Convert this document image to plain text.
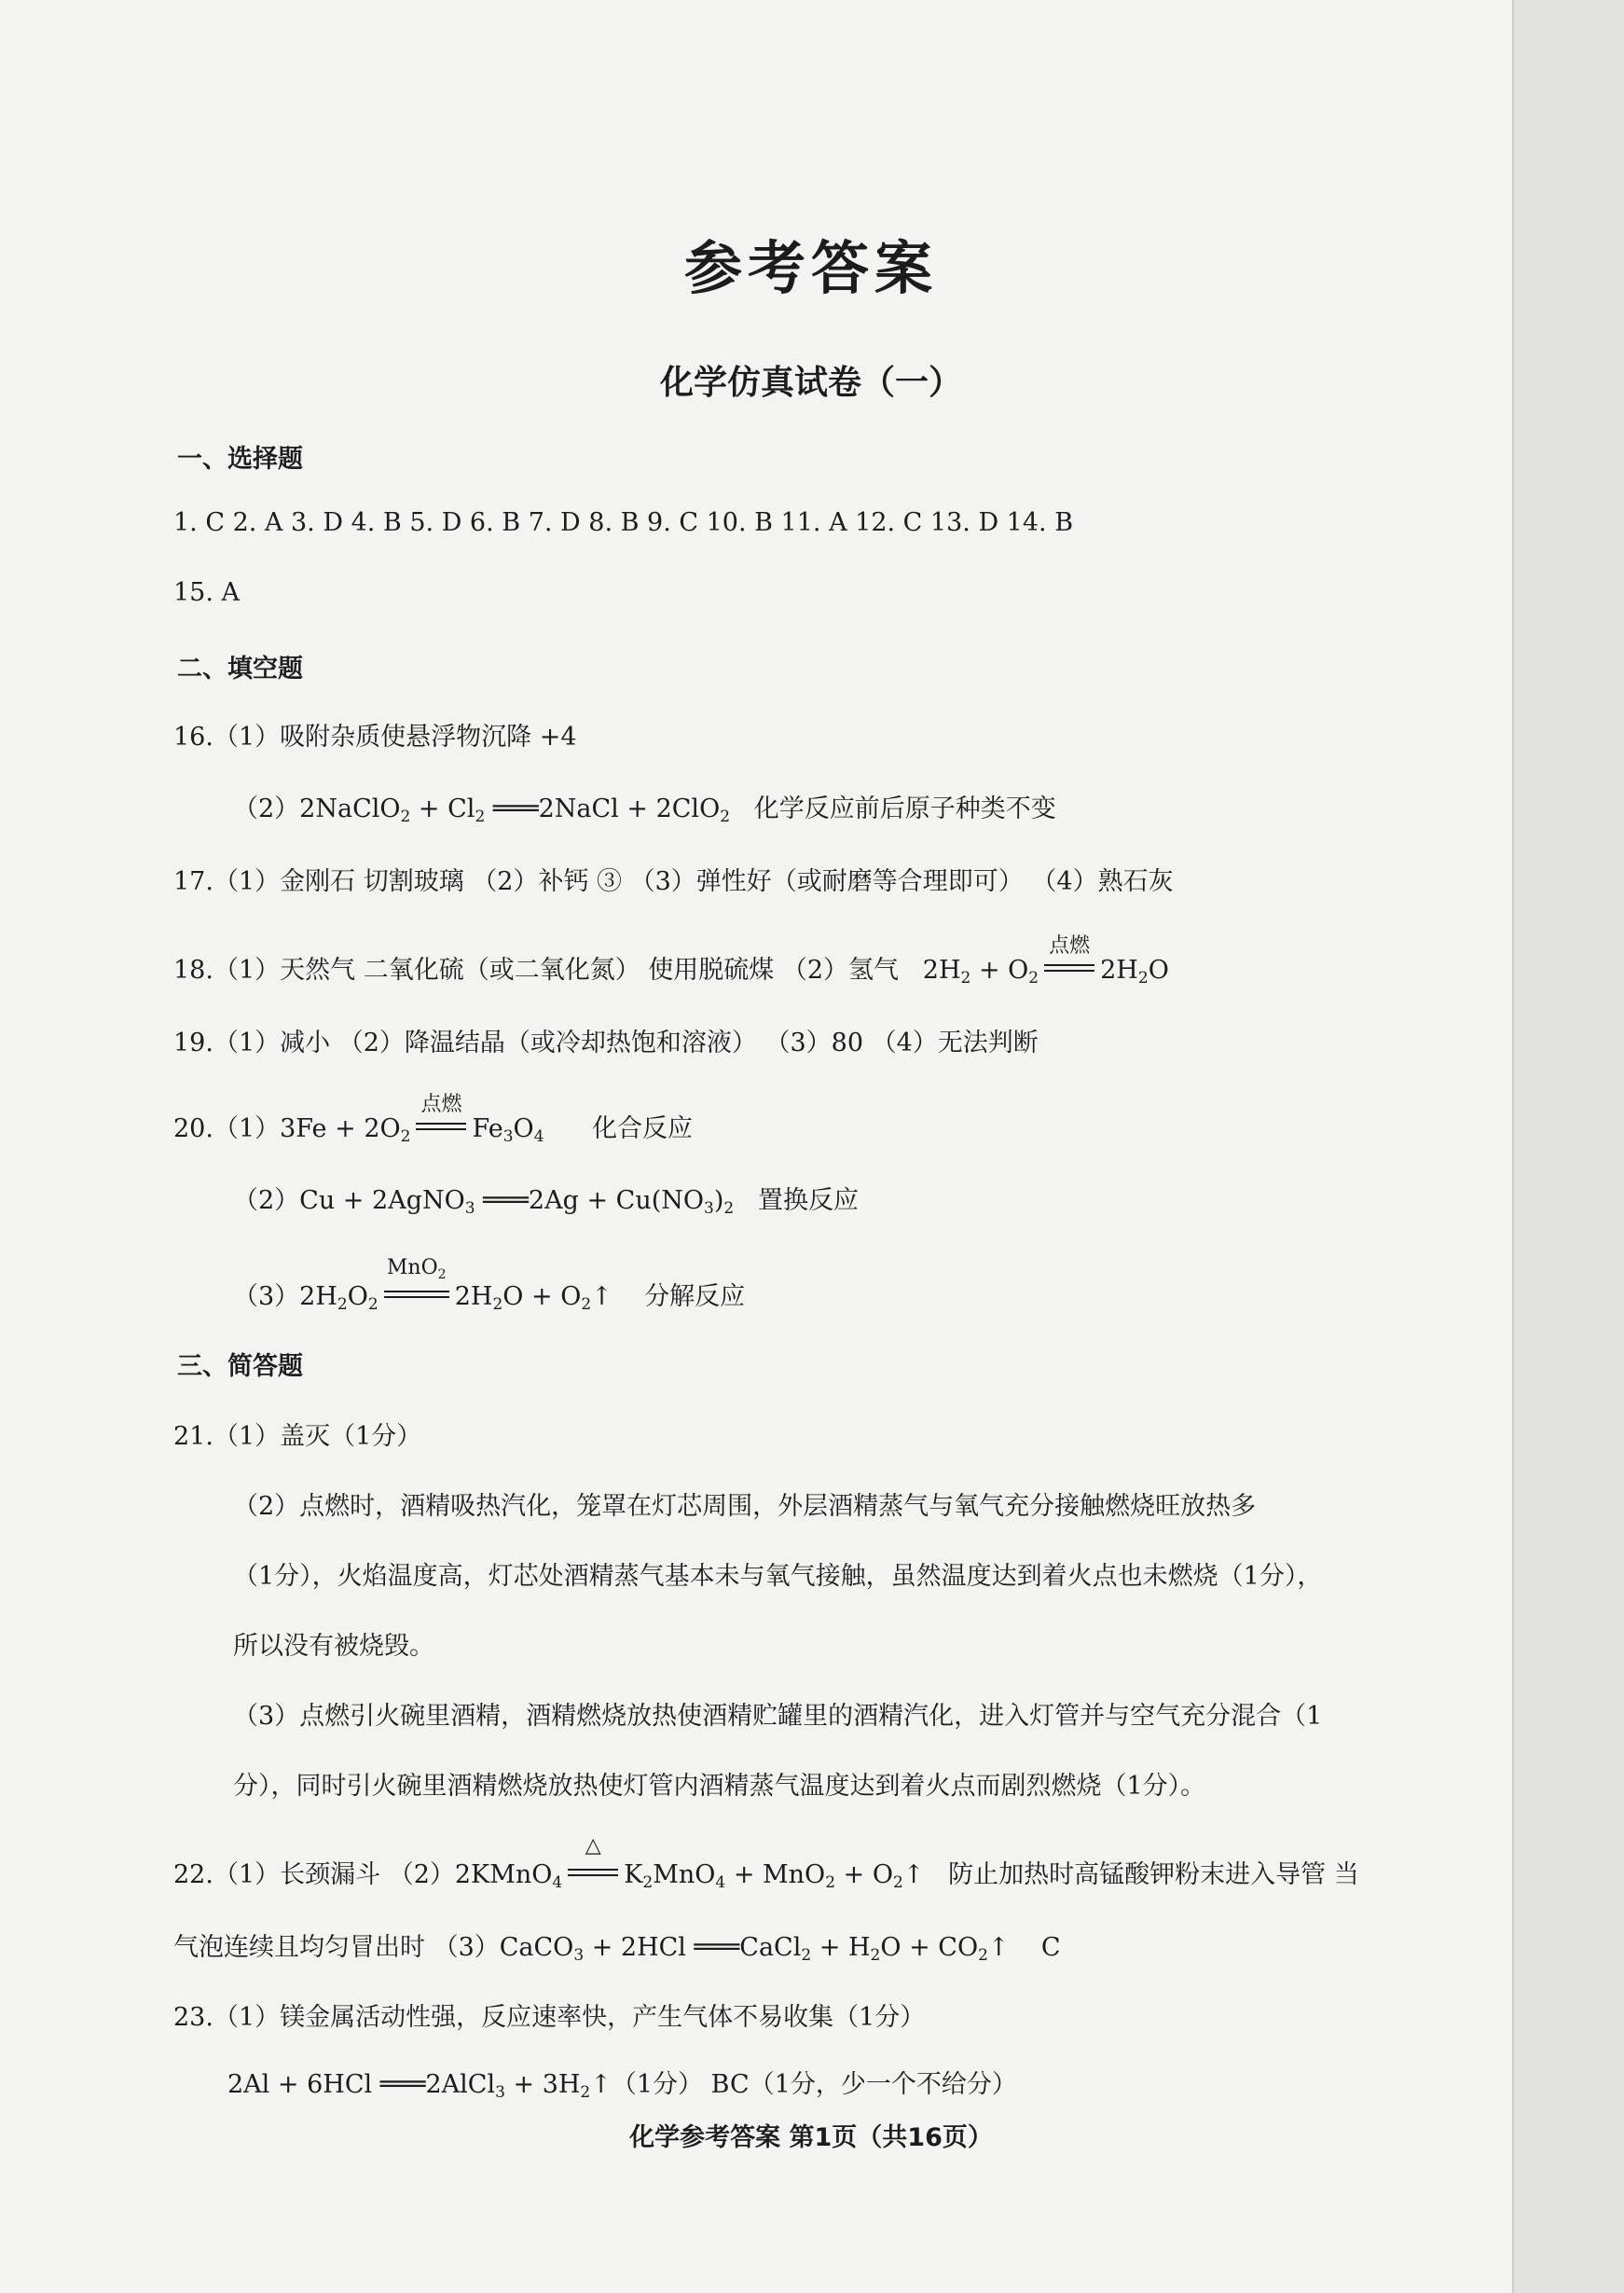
参考答案
化学仿真试卷（一）
一、选择题
1. C 2. A 3. D 4. B 5. D 6. B 7. D 8. B 9. C 10. B 11. A 12. C 13. D 14. B
15. A
二、填空题
16.（1）吸附杂质使悬浮物沉降 +4
（2）2NaClO$_2$ + $Cl_2$ ═══2NaCl + 2ClO$_2$ 化学反应前后原子种类不变
17.（1）金刚石 切割玻璃 （2）补钙 ③ （3）弹性好（或耐磨等合理即可） （4）熟石灰
18.（1）天然气 二氧化硫（或二氧化氮） 使用脱硫煤 （2）氢气   $2H_2 + O_2$
点燃
$2H_2O$
19.（1）减小 （2）降温结晶（或冷却热饱和溶液） （3）80 （4）无法判断
$20.(1)3Fe + 2O_2$
点燃
$Fe_3O_4$ 化合反应
（2）Cu + 2AgNO$_3$ ═══2Ag + $Cu(NO_3)_2$ 置换反应
$(3)2H_2O_2$
MnO$_2$
$2H_2O$ + $O_2↑$    分解反应
三、简答题
21.（1）盖灭（1分）
（2）点燃时，酒精吸热汽化，笼罩在灯芯周围，外层酒精蒸气与氧气充分接触燃烧旺放热多
（1分），火焰温度高，灯芯处酒精蒸气基本未与氧气接触，虽然温度达到着火点也未燃烧（1分），
所以没有被烧毁。
（3）点燃引火碗里酒精，酒精燃烧放热使酒精贮罐里的酒精汽化，进入灯管并与空气充分混合（1
分），同时引火碗里酒精燃烧放热使灯管内酒精蒸气温度达到着火点而剧烈燃烧（1分）。
22.（1）长颈漏斗 （2）2KMnO$_4$
△
$K_2MnO_4 + MnO_2$ + $O_2↑$   防止加热时高锰酸钾粉末进入导管 当
气泡连续且均匀冒出时 （3）CaCO$_3$ + 2HCl ═══CaCl$_2$ + $H_2O$ + $CO_2↑$    C
23.（1）镁金属活动性强，反应速率快，产生气体不易收集（1分）
2Al + 6HCl ═══2AlCl$_3$ + $3H_2↑(1$分） BC（1分，少一个不给分）
化学参考答案 第1页（共16页）
